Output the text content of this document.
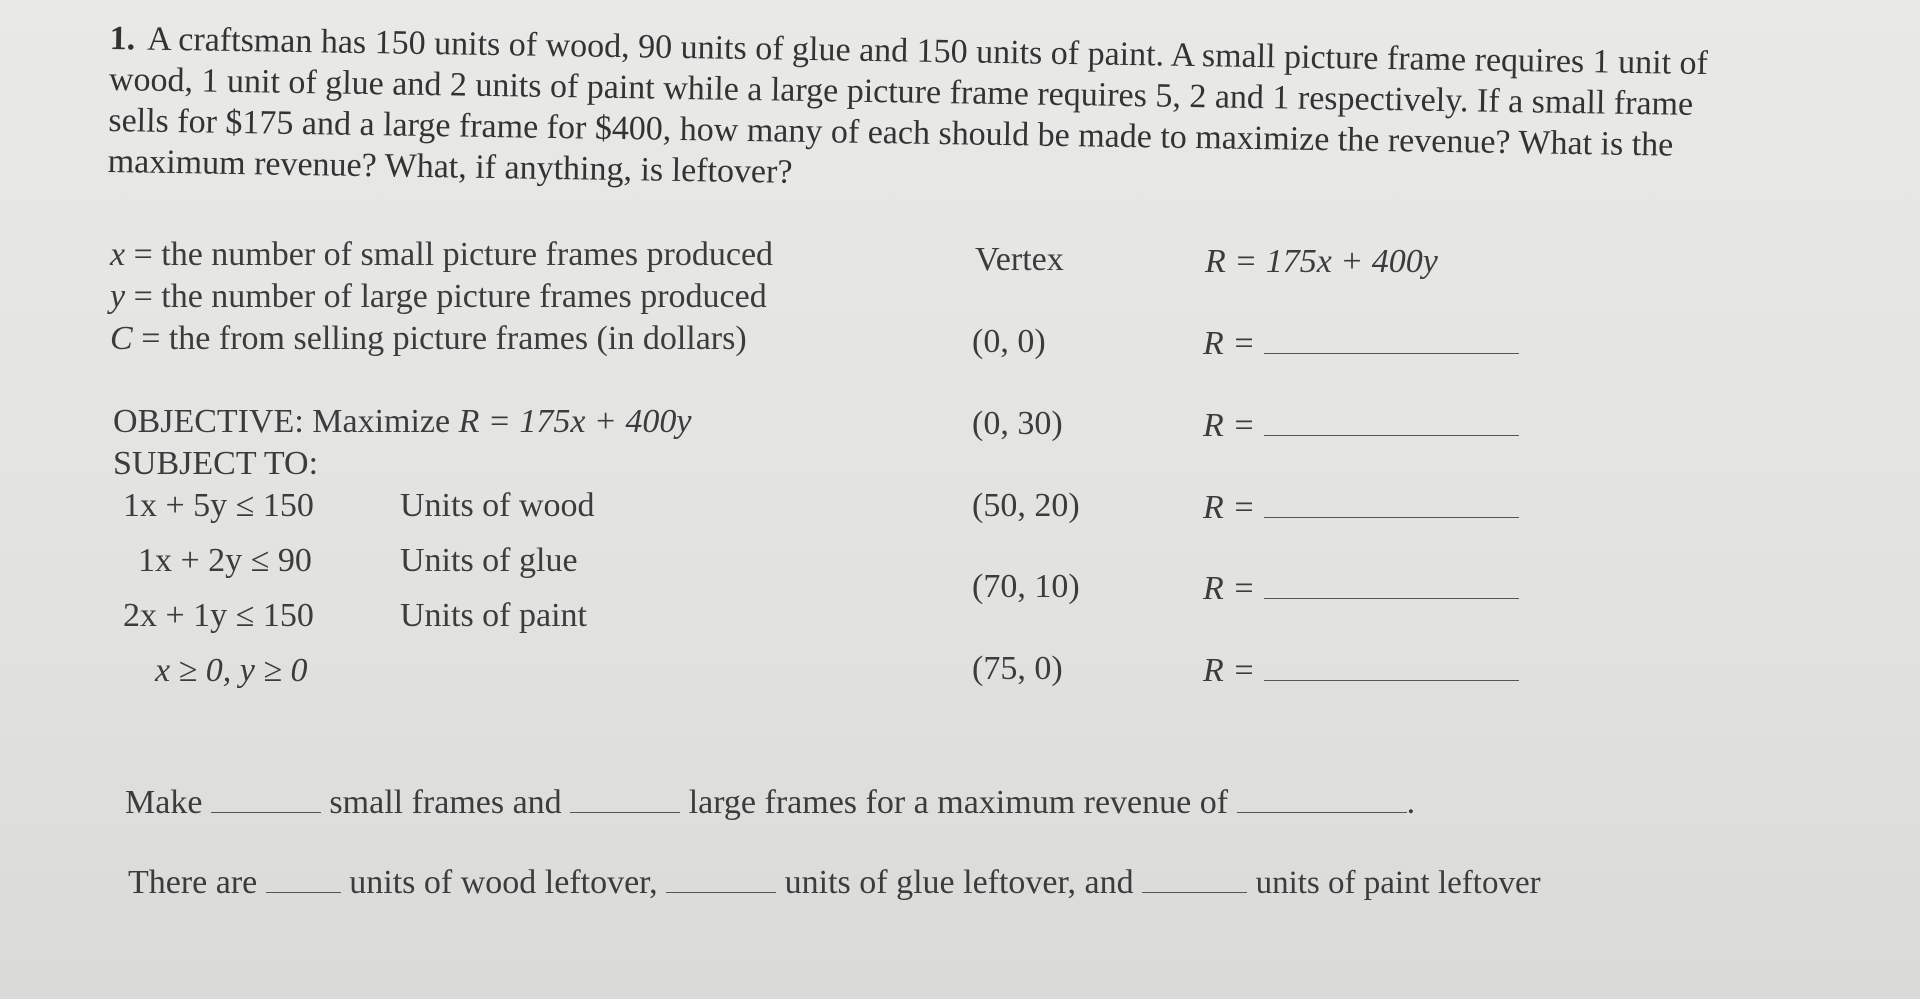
1. A craftsman has 150 units of wood, 90 units of glue and 150 units of paint. A small picture frame requires 1 unit of wood, 1 unit of glue and 2 units of paint while a large picture frame requires 5, 2 and 1 respectively. If a small frame sells for $175 and a large frame for $400, how many of each should be made to maximize the revenue? What is the maximum revenue? What, if anything, is leftover?
x = the number of small picture frames produced
y = the number of large picture frames produced
C = the from selling picture frames (in dollars)
OBJECTIVE: Maximize R = 175x + 400y
SUBJECT TO:
1x + 5y ≤ 150	Units of wood
1x + 2y ≤ 90	Units of glue
2x + 1y ≤ 150	Units of paint
x ≥ 0, y ≥ 0
Vertex	R = 175x + 400y
(0, 0)	R =
(0, 30)	R =
(50, 20)	R =
(70, 10)	R =
(75, 0)	R =
Make	small frames and	large frames for a maximum revenue of	.
There are	units of wood leftover,	units of glue leftover, and	units of paint leftover
